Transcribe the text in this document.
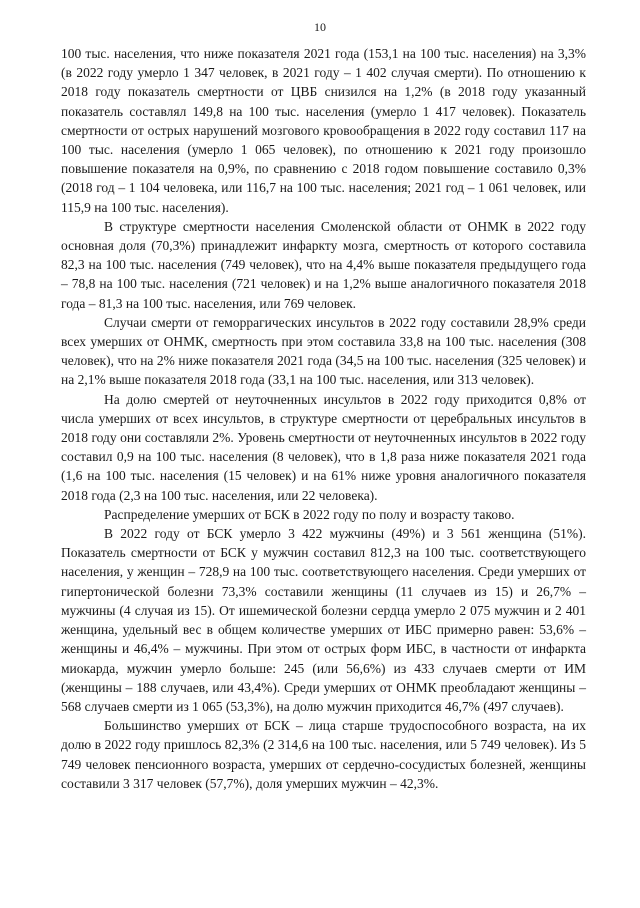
10

100 тыс. населения, что ниже показателя 2021 года (153,1 на 100 тыс. населения) на 3,3% (в 2022 году умерло 1 347 человек, в 2021 году – 1 402 случая смерти). По отношению к 2018 году показатель смертности от ЦВБ снизился на 1,2% (в 2018 году указанный показатель составлял 149,8 на 100 тыс. населения (умерло 1 417 человек). Показатель смертности от острых нарушений мозгового кровообращения в 2022 году составил 117 на 100 тыс. населения (умерло 1 065 человек), по отношению к 2021 году произошло повышение показателя на 0,9%, по сравнению с 2018 годом повышение составило 0,3% (2018 год – 1 104 человека, или 116,7 на 100 тыс. населения; 2021 год – 1 061 человек, или 115,9 на 100 тыс. населения).

В структуре смертности населения Смоленской области от ОНМК в 2022 году основная доля (70,3%) принадлежит инфаркту мозга, смертность от которого составила 82,3 на 100 тыс. населения (749 человек), что на 4,4% выше показателя предыдущего года – 78,8 на 100 тыс. населения (721 человек) и на 1,2% выше аналогичного показателя 2018 года – 81,3 на 100 тыс. населения, или 769 человек.

Случаи смерти от геморрагических инсультов в 2022 году составили 28,9% среди всех умерших от ОНМК, смертность при этом составила 33,8 на 100 тыс. населения (308 человек), что на 2% ниже показателя 2021 года (34,5 на 100 тыс. населения (325 человек) и на 2,1% выше показателя 2018 года (33,1 на 100 тыс. населения, или 313 человек).

На долю смертей от неуточненных инсультов в 2022 году приходится 0,8% от числа умерших от всех инсультов, в структуре смертности от церебральных инсультов в 2018 году они составляли 2%. Уровень смертности от неуточненных инсультов в 2022 году составил 0,9 на 100 тыс. населения (8 человек), что в 1,8 раза ниже показателя 2021 года (1,6 на 100 тыс. населения (15 человек) и на 61% ниже уровня аналогичного показателя 2018 года (2,3 на 100 тыс. населения, или 22 человека).

Распределение умерших от БСК в 2022 году по полу и возрасту таково.

В 2022 году от БСК умерло 3 422 мужчины (49%) и 3 561 женщина (51%). Показатель смертности от БСК у мужчин составил 812,3 на 100 тыс. соответствующего населения, у женщин – 728,9 на 100 тыс. соответствующего населения. Среди умерших от гипертонической болезни 73,3% составили женщины (11 случаев из 15) и 26,7% – мужчины (4 случая из 15). От ишемической болезни сердца умерло 2 075 мужчин и 2 401 женщина, удельный вес в общем количестве умерших от ИБС примерно равен: 53,6% – женщины и 46,4% – мужчины. При этом от острых форм ИБС, в частности от инфаркта миокарда, мужчин умерло больше: 245 (или 56,6%) из 433 случаев смерти от ИМ (женщины – 188 случаев, или 43,4%). Среди умерших от ОНМК преобладают женщины – 568 случаев смерти из 1 065 (53,3%), на долю мужчин приходится 46,7% (497 случаев).

Большинство умерших от БСК – лица старше трудоспособного возраста, на их долю в 2022 году пришлось 82,3% (2 314,6 на 100 тыс. населения, или 5 749 человек). Из 5 749 человек пенсионного возраста, умерших от сердечно-сосудистых болезней, женщины составили 3 317 человек (57,7%), доля умерших мужчин – 42,3%.
